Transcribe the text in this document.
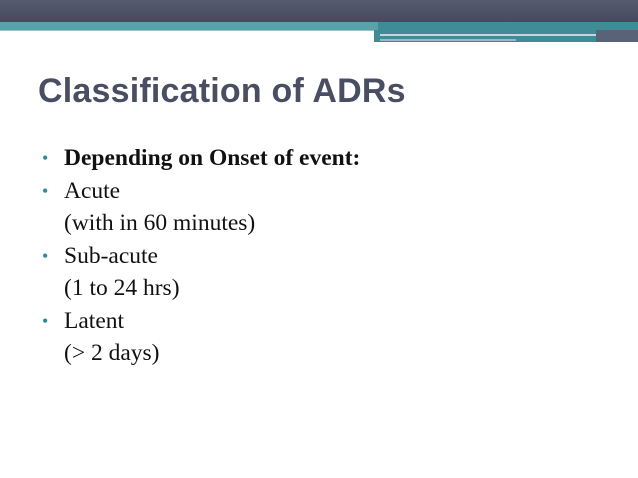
Classification of ADRs
• Depending on Onset of event:
• Acute
(with in 60 minutes)
• Sub-acute
(1 to 24 hrs)
• Latent
(> 2 days)
